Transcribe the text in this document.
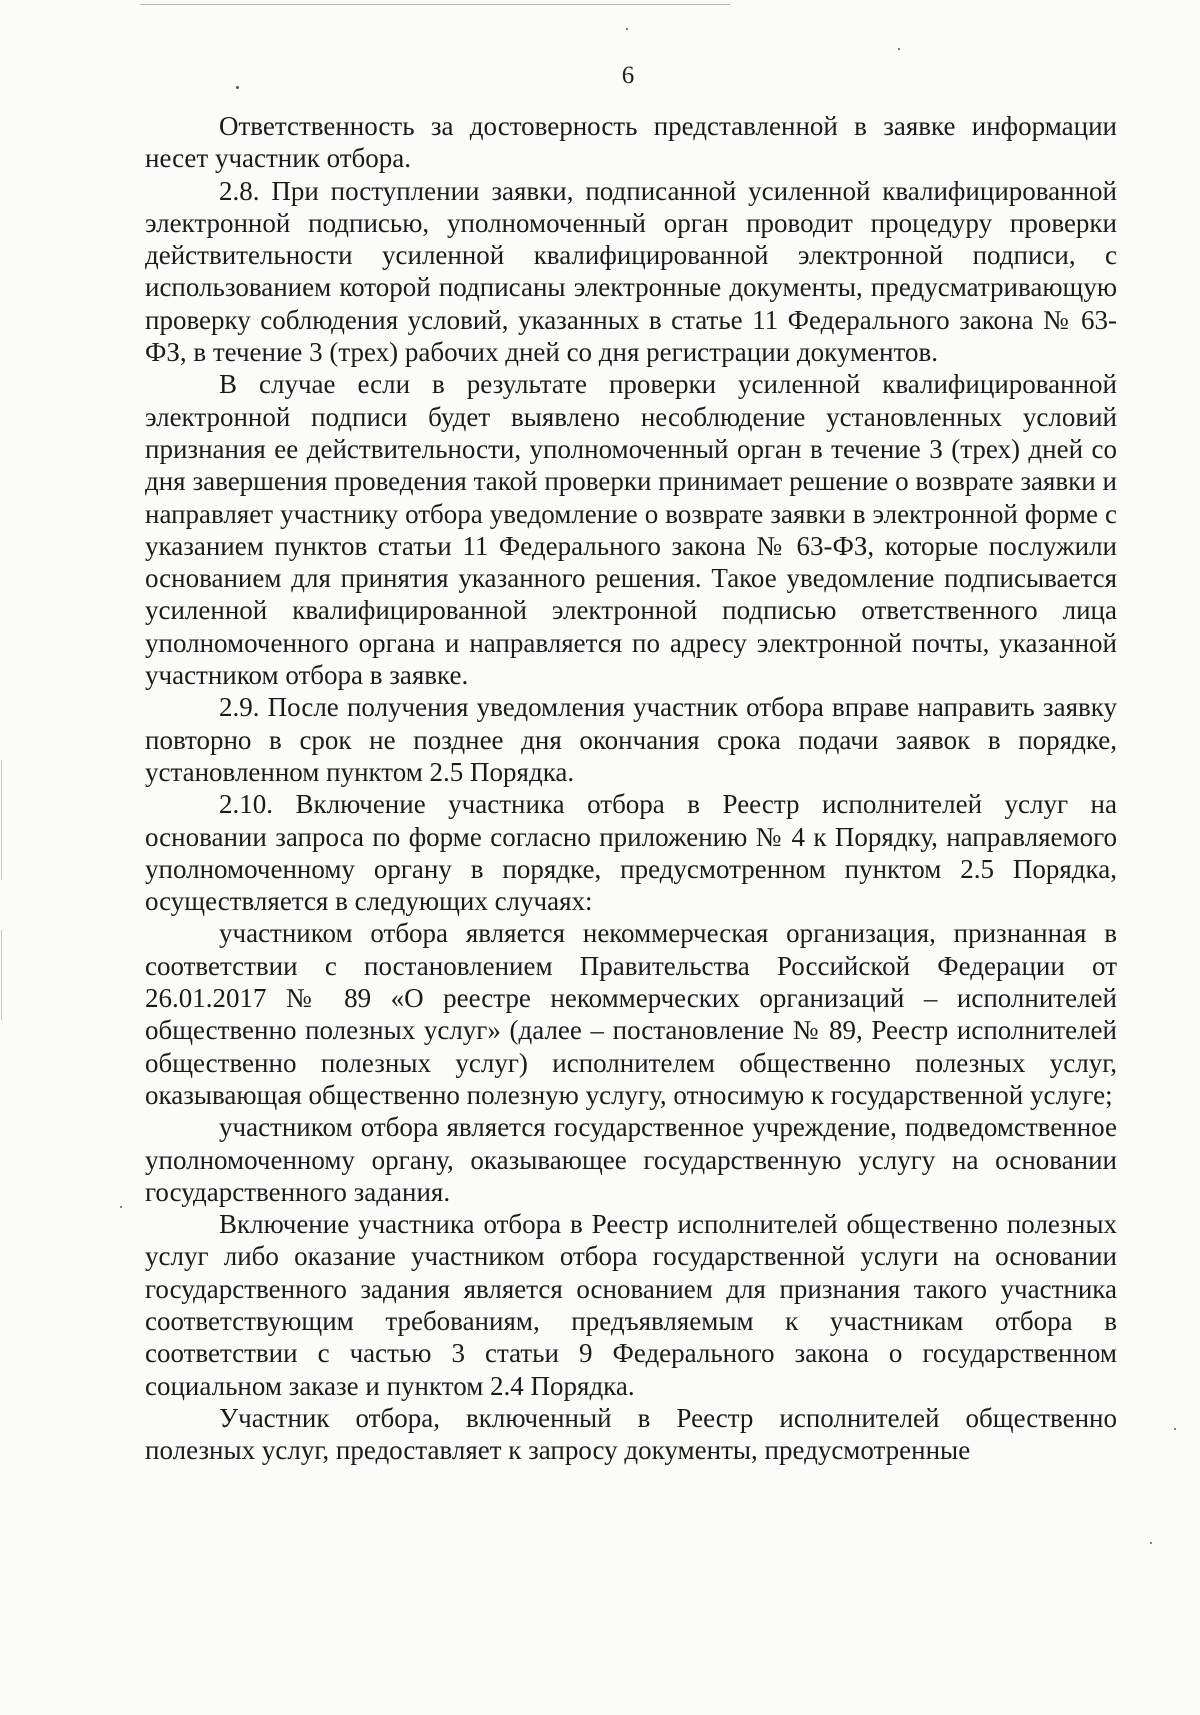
6

Ответственность за достоверность представленной в заявке информации несет участник отбора.

2.8. При поступлении заявки, подписанной усиленной квалифицированной электронной подписью, уполномоченный орган проводит процедуру проверки действительности усиленной квалифицированной электронной подписи, с использованием которой подписаны электронные документы, предусматривающую проверку соблюдения условий, указанных в статье 11 Федерального закона № 63-ФЗ, в течение 3 (трех) рабочих дней со дня регистрации документов.

В случае если в результате проверки усиленной квалифицированной электронной подписи будет выявлено несоблюдение установленных условий признания ее действительности, уполномоченный орган в течение 3 (трех) дней со дня завершения проведения такой проверки принимает решение о возврате заявки и направляет участнику отбора уведомление о возврате заявки в электронной форме с указанием пунктов статьи 11 Федерального закона № 63-ФЗ, которые послужили основанием для принятия указанного решения. Такое уведомление подписывается усиленной квалифицированной электронной подписью ответственного лица уполномоченного органа и направляется по адресу электронной почты, указанной участником отбора в заявке.

2.9. После получения уведомления участник отбора вправе направить заявку повторно в срок не позднее дня окончания срока подачи заявок в порядке, установленном пунктом 2.5 Порядка.

2.10. Включение участника отбора в Реестр исполнителей услуг на основании запроса по форме согласно приложению № 4 к Порядку, направляемого уполномоченному органу в порядке, предусмотренном пунктом 2.5 Порядка, осуществляется в следующих случаях:

участником отбора является некоммерческая организация, признанная в соответствии с постановлением Правительства Российской Федерации от 26.01.2017 № 89 «О реестре некоммерческих организаций – исполнителей общественно полезных услуг» (далее – постановление № 89, Реестр исполнителей общественно полезных услуг) исполнителем общественно полезных услуг, оказывающая общественно полезную услугу, относимую к государственной услуге;

участником отбора является государственное учреждение, подведомственное уполномоченному органу, оказывающее государственную услугу на основании государственного задания.

Включение участника отбора в Реестр исполнителей общественно полезных услуг либо оказание участником отбора государственной услуги на основании государственного задания является основанием для признания такого участника соответствующим требованиям, предъявляемым к участникам отбора в соответствии с частью 3 статьи 9 Федерального закона о государственном социальном заказе и пунктом 2.4 Порядка.

Участник отбора, включенный в Реестр исполнителей общественно полезных услуг, предоставляет к запросу документы, предусмотренные
